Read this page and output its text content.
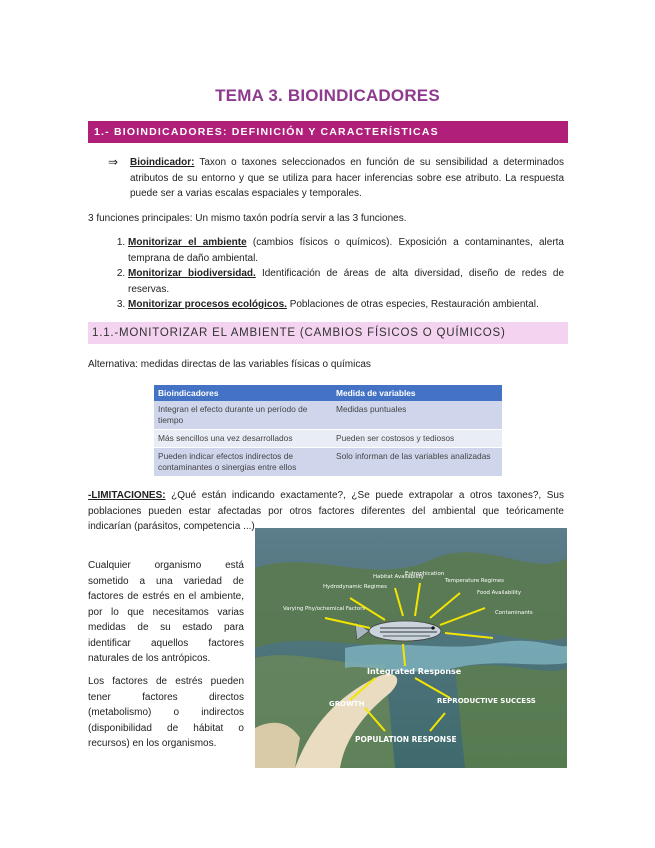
TEMA 3. BIOINDICADORES
1.- BIOINDICADORES: DEFINICIÓN Y CARACTERÍSTICAS
⇒ Bioindicador: Taxon o taxones seleccionados en función de su sensibilidad a determinados atributos de su entorno y que se utiliza para hacer inferencias sobre ese atributo. La respuesta puede ser a varias escalas espaciales y temporales.
3 funciones principales: Un mismo taxón podría servir a las 3 funciones.
1. Monitorizar el ambiente (cambios físicos o químicos). Exposición a contaminantes, alerta temprana de daño ambiental.
2. Monitorizar biodiversidad. Identificación de áreas de alta diversidad, diseño de redes de reservas.
3. Monitorizar procesos ecológicos. Poblaciones de otras especies, Restauración ambiental.
1.1.-MONITORIZAR EL AMBIENTE (CAMBIOS FÍSICOS O QUÍMICOS)
Alternativa: medidas directas de las variables físicas o químicas
Bioindicadores	Medida de variables
Integran el efecto durante un período de tiempo	Medidas puntuales
Más sencillos una vez desarrollados	Pueden ser costosos y tediosos
Pueden indicar efectos indirectos de contaminantes o sinergias entre ellos	Solo informan de las variables analizadas
-LIMITACIONES: ¿Qué están indicando exactamente?, ¿Se puede extrapolar a otros taxones?, Sus poblaciones pueden estar afectadas por otros factores diferentes del ambiental que teóricamente indicarían (parásitos, competencia ...)
Cualquier organismo está sometido a una variedad de factores de estrés en el ambiente, por lo que necesitamos varias medidas de su estado para identificar aquellos factores naturales de los antrópicos.
Los factores de estrés pueden tener factores directos (metabolismo) o indirectos (disponibilidad de hábitat o recursos) en los organismos.
Habitat Availability
Eutrophication
Temperature Regimes
Food Availability
Contaminants
Hydrodynamic Regimes
Varying Phy/ochemical Factors
Integrated Response
GROWTH	REPRODUCTIVE SUCCESS
POPULATION RESPONSE
